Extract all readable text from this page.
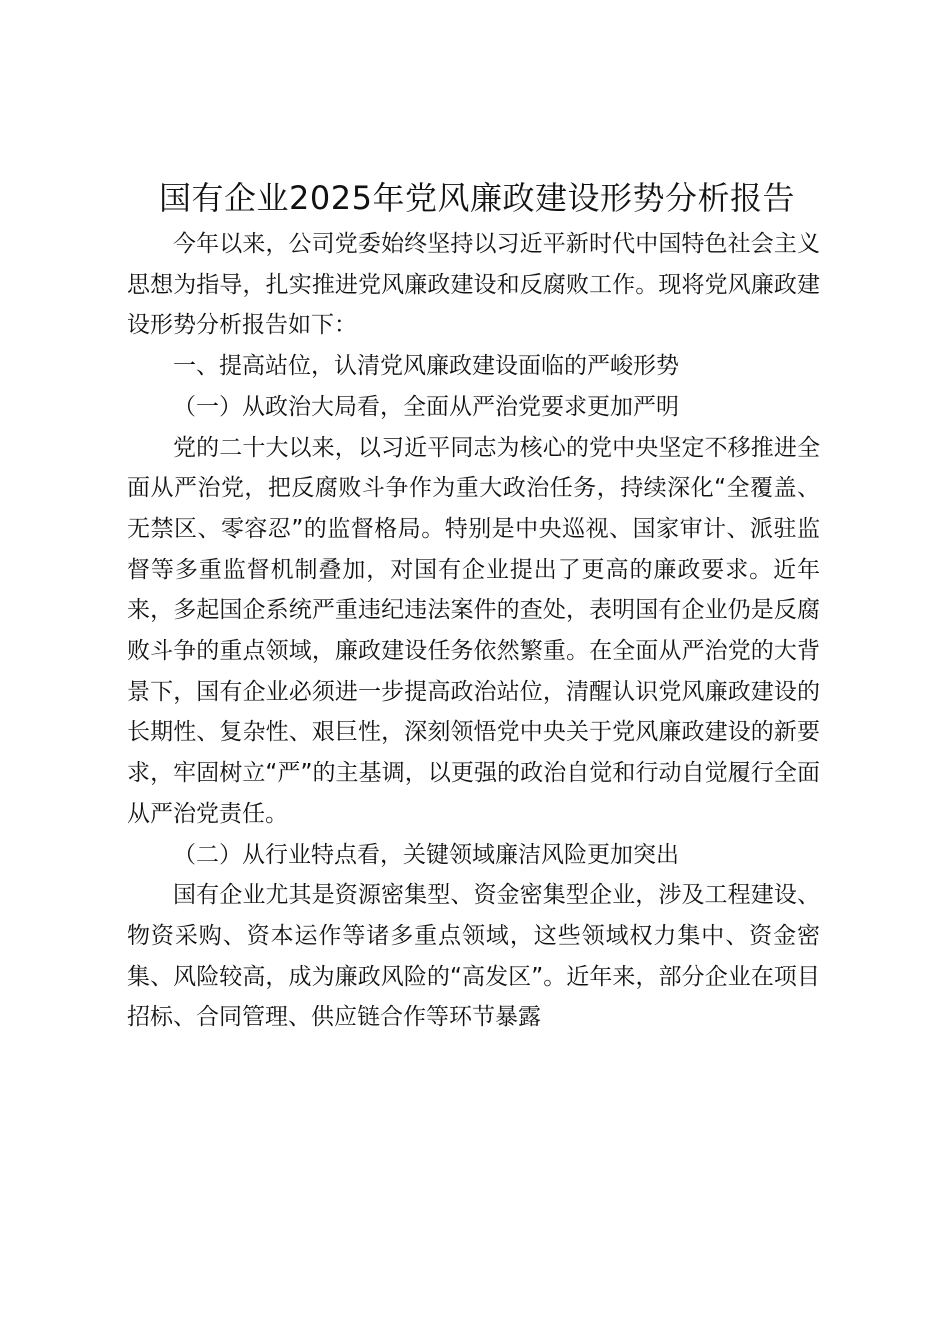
国有企业2025年党风廉政建设形势分析报告

今年以来，公司党委始终坚持以习近平新时代中国特色社会主义思想为指导，扎实推进党风廉政建设和反腐败工作。现将党风廉政建设形势分析报告如下：

一、提高站位，认清党风廉政建设面临的严峻形势

（一）从政治大局看，全面从严治党要求更加严明

党的二十大以来，以习近平同志为核心的党中央坚定不移推进全面从严治党，把反腐败斗争作为重大政治任务，持续深化“全覆盖、无禁区、零容忍”的监督格局。特别是中央巡视、国家审计、派驻监督等多重监督机制叠加，对国有企业提出了更高的廉政要求。近年来，多起国企系统严重违纪违法案件的查处，表明国有企业仍是反腐败斗争的重点领域，廉政建设任务依然繁重。在全面从严治党的大背景下，国有企业必须进一步提高政治站位，清醒认识党风廉政建设的长期性、复杂性、艰巨性，深刻领悟党中央关于党风廉政建设的新要求，牢固树立“严”的主基调，以更强的政治自觉和行动自觉履行全面从严治党责任。

（二）从行业特点看，关键领域廉洁风险更加突出

国有企业尤其是资源密集型、资金密集型企业，涉及工程建设、物资采购、资本运作等诸多重点领域，这些领域权力集中、资金密集、风险较高，成为廉政风险的“高发区”。近年来，部分企业在项目招标、合同管理、供应链合作等环节暴露
